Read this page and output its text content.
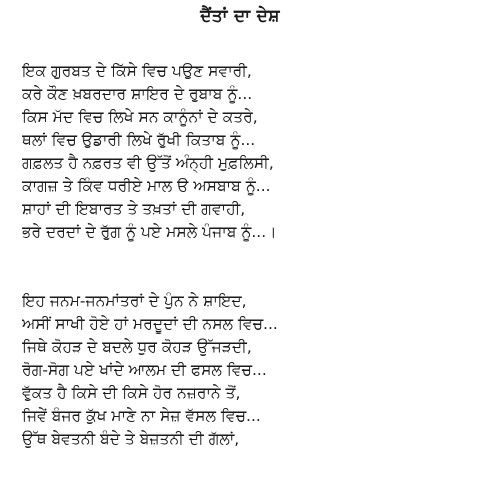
ਦੈਂਤਾਂ ਦਾ ਦੇਸ਼
ਇਕ ਗੁਰਬਤ ਦੇ ਕਿੱਸੇ ਵਿਚ ਪਉਣ ਸਵਾਰੀ,
ਕਰੇ ਕੌਣ ਖ਼ਬਰਦਾਰ ਸ਼ਾਇਰ ਦੇ ਰੁਬਾਬ ਨੂੰ...
ਕਿਸ ਮੱਦ ਵਿਚ ਲਿਖੇ ਸਨ ਕਾਨੂੰਨਾਂ ਦੇ ਕਤਰੇ,
ਥਲਾਂ ਵਿਚ ਉਡਾਰੀ ਲਿਖੇ ਰੁੱਖੀ ਕਿਤਾਬ ਨੂੰ...
ਗਫ਼ਲਤ ਹੈ ਨਫ਼ਰਤ ਵੀ ਉੱਤੋਂ ਅੰਨ੍ਹੀ ਮੁਫ਼ਲਿਸੀ,
ਕਾਗਜ਼ ਤੇ ਕਿੰਵ ਧਰੀਏ ਮਾਲ ੳ ਅਸਬਾਬ ਨੂੰ...
ਸ਼ਾਹਾਂ ਦੀ ਇਬਾਰਤ ਤੇ ਤਖ਼ਤਾਂ ਦੀ ਗਵਾਹੀ,
ਭਰੇ ਦਰਦਾਂ ਦੇ ਰੁੱਗ ਨੂੰ ਪਏ ਮਸਲੇ ਪੰਜਾਬ ਨੂੰ...।
ਇਹ ਜਨਮ-ਜਨਮਾਂਤਰਾਂ ਦੇ ਪੁੰਨ ਨੇ ਸ਼ਾਇਦ,
ਅਸੀਂ ਸਾਖੀ ਹੋਏ ਹਾਂ ਮਰਦੂਦਾਂ ਦੀ ਨਸਲ ਵਿਚ...
ਜਿਥੇ ਕੋਹੜ ਦੇ ਬਦਲੇ ਧੁਰ ਕੋਹੜ ਉੱਜੜਦੀ,
ਰੋਗ-ਸੋਗ ਪਏ ਖਾਂਦੇ ਆਲਮ ਦੀ ਫਸਲ ਵਿਚ...
ਵੁੱਕਤ ਹੈ ਕਿਸੇ ਦੀ ਕਿਸੇ ਹੋਰ ਨਜ਼ਰਾਨੇ ਤੋਂ,
ਜਿਵੇਂ ਬੰਜਰ ਕੁੱਖ ਮਾਣੇ ਨਾ ਸੇਜ਼ ਵੱਸਲ ਵਿਚ...
ਉੱਥ ਬੇਵਤਨੀ ਬੰਦੇ ਤੇ ਬੇਜ਼ਤਨੀ ਦੀ ਗੱਲਾਂ,
